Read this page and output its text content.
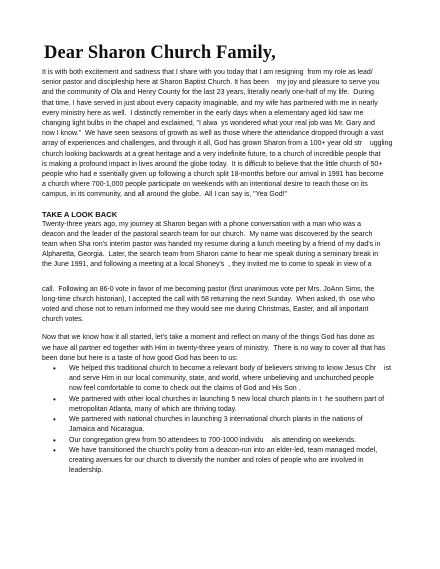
Dear Sharon Church Family,
It is with both excitement and sadness that I share with you today that I am resigning  from my role as lead/
senior pastor and discipleship here at Sharon Baptist Church. It has been    my joy and pleasure to serve you
and the community of Ola and Henry County for the last 23 years, literally nearly one-half of my life.  During
that time, I have served in just about every capacity imaginable, and my wife has partnered with me in nearly
every ministry here as well.  I distinctly remember in the early days when a elementary aged kid saw me
changing light bulbs in the chapel and exclaimed, "I alwa  ys wondered what your real job was Mr. Gary and
now I know."  We have seen seasons of growth as well as those where the attendance dropped through a vast
array of experiences and challenges, and through it all, God has grown Sharon from a 100+ year old str    uggling
church looking backwards at a great heritage and a very indefinite future, to a church of incredible people that
is making a profound impact in lives around the globe today.  It is difficult to believe that the little church of 50+
people who had e ssentially given up following a church split 18-months before our arrival in 1991 has become
a church where 700-1,000 people participate on weekends with an intentional desire to reach those on its
campus, in its community, and all around the globe.  All I can say is, "Yea God!"
TAKE A LOOK BACK
Twenty-three years ago, my journey at Sharon began with a phone conversation with a man who was a
deacon and the leader of the pastoral search team for our church.  My name was discovered by the search
team when Sha ron's interim pastor was handed my resume during a lunch meeting by a friend of my dad's in
Alpharetta, Georgia.  Later, the search team from Sharon came to hear me speak during a seminary break in
the June 1991, and following a meeting at a local Shoney's  , they invited me to come to speak in view of a
call.  Following an 86-0 vote in favor of me becoming pastor (first unanimous vote per Mrs. JoAnn Sims, the
long-time church historian), I accepted the call with 58 returning the next Sunday.  When asked, th  ose who
voted and chose not to return informed me they would see me during Christmas, Easter, and all important
church votes.
Now that we know how it all started, let's take a moment and reflect on many of the things God has done as
we have all partner ed together with Him in twenty-three years of ministry.  There is no way to cover all that has
been done but here is a taste of how good God has been to us:
• We helped this traditional church to become a relevant body of believers striving to know Jesus Chr    ist
and serve Him in our local community, state, and world, where unbelieving and unchurched people
now feel comfortable to come to check out the claims of God and His Son .
• We partnered with other local churches in launching 5 new local church plants in t  he southern part of
metropolitan Atlanta, many of which are thriving today.
• We partnered with national churches in launching 3 international church plants in the nations of
Jamaica and Nicaragua.
• Our congregation grew from 50 attendees to 700-1000 individu    als attending on weekends.
• We have transitioned the church's polity from a deacon-run into an elder-led, team managed model,
creating avenues for our church to diversify the number and roles of people who are involved in
leadership.
